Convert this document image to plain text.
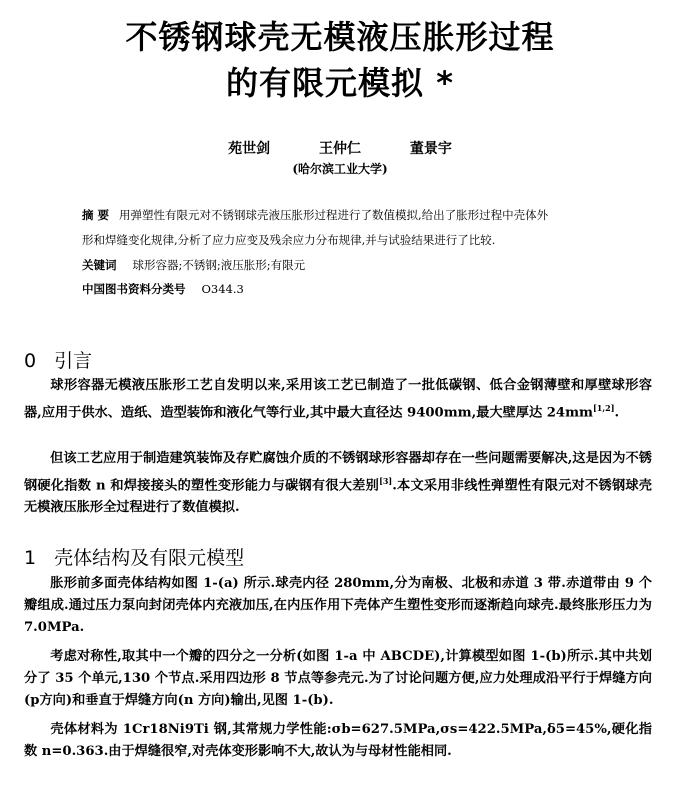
不锈钢球壳无模液压胀形过程
的有限元模拟 *
苑世剑	王仲仁	董景宇
(哈尔滨工业大学)
摘 要 用弹塑性有限元对不锈钢球壳液压胀形过程进行了数值模拟,给出了胀形过程中壳体外
形和焊缝变化规律,分析了应力应变及残余应力分布规律,并与试验结果进行了比较.
关键词 球形容器;不锈钢;液压胀形;有限元
中国图书资料分类号 O344.3
0 引言
球形容器无模液压胀形工艺自发明以来,采用该工艺已制造了一批低碳钢、低合金钢薄壁和厚壁球形容器,应用于供水、造纸、造型装饰和液化气等行业,其中最大直径达 9400mm,最大壁厚达 24mm[1,2].
但该工艺应用于制造建筑装饰及存贮腐蚀介质的不锈钢球形容器却存在一些问题需要解决,这是因为不锈钢硬化指数 n 和焊接接头的塑性变形能力与碳钢有很大差别[3].本文采用非线性弹塑性有限元对不锈钢球壳无模液压胀形全过程进行了数值模拟.
1 壳体结构及有限元模型
胀形前多面壳体结构如图 1-(a) 所示.球壳内径 280mm,分为南极、北极和赤道 3 带.赤道带由 9 个瓣组成.通过压力泵向封闭壳体内充液加压,在内压作用下壳体产生塑性变形而逐渐趋向球壳.最终胀形压力为 7.0MPa.
考虑对称性,取其中一个瓣的四分之一分析(如图 1-a 中 ABCDE),计算模型如图 1-(b)所示.其中共划分了 35 个单元,130 个节点.采用四边形 8 节点等参壳元.为了讨论问题方便,应力处理成沿平行于焊缝方向(p方向)和垂直于焊缝方向(n 方向)输出,见图 1-(b).
壳体材料为 1Cr18Ni9Ti 钢,其常规力学性能:σb=627.5MPa,σs=422.5MPa,δ5=45%,硬化指数 n=0.363.由于焊缝很窄,对壳体变形影响不大,故认为与母材性能相同.
